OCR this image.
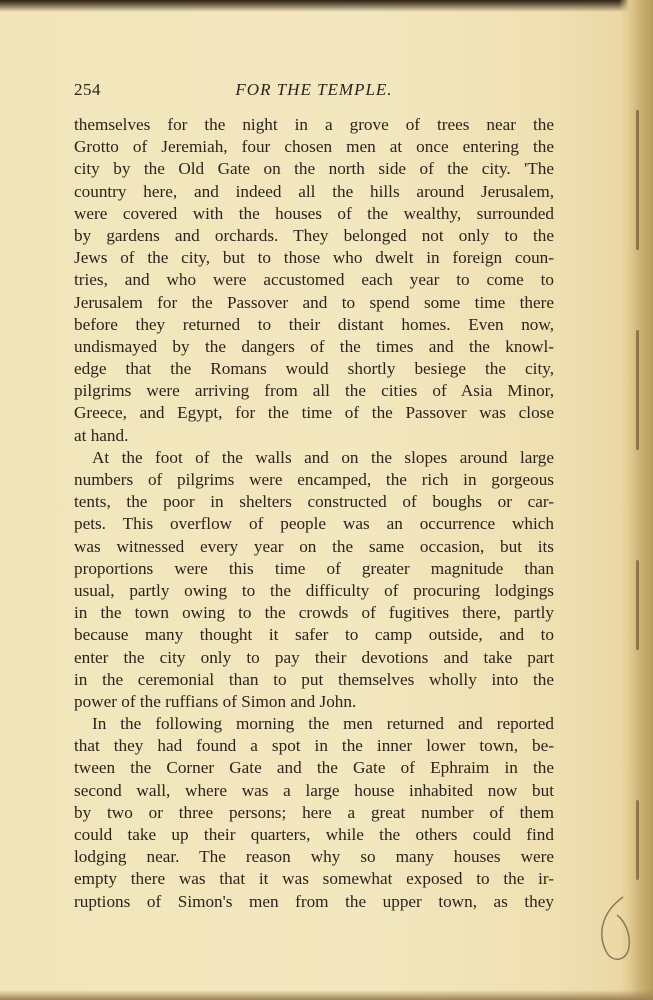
254	FOR THE TEMPLE.
themselves for the night in a grove of trees near the
Grotto of Jeremiah, four chosen men at once entering the
city by the Old Gate on the north side of the city. 'The
country here, and indeed all the hills around Jerusalem,
were covered with the houses of the wealthy, surrounded
by gardens and orchards. They belonged not only to the
Jews of the city, but to those who dwelt in foreign coun-
tries, and who were accustomed each year to come to
Jerusalem for the Passover and to spend some time there
before they returned to their distant homes. Even now,
undismayed by the dangers of the times and the knowl-
edge that the Romans would shortly besiege the city,
pilgrims were arriving from all the cities of Asia Minor,
Greece, and Egypt, for the time of the Passover was close
at hand.
At the foot of the walls and on the slopes around large
numbers of pilgrims were encamped, the rich in gorgeous
tents, the poor in shelters constructed of boughs or car-
pets. This overflow of people was an occurrence which
was witnessed every year on the same occasion, but its
proportions were this time of greater magnitude than
usual, partly owing to the difficulty of procuring lodgings
in the town owing to the crowds of fugitives there, partly
because many thought it safer to camp outside, and to
enter the city only to pay their devotions and take part
in the ceremonial than to put themselves wholly into the
power of the ruffians of Simon and John.
In the following morning the men returned and reported
that they had found a spot in the inner lower town, be-
tween the Corner Gate and the Gate of Ephraim in the
second wall, where was a large house inhabited now but
by two or three persons; here a great number of them
could take up their quarters, while the others could find
lodging near. The reason why so many houses were
empty there was that it was somewhat exposed to the ir-
ruptions of Simon's men from the upper town, as they
